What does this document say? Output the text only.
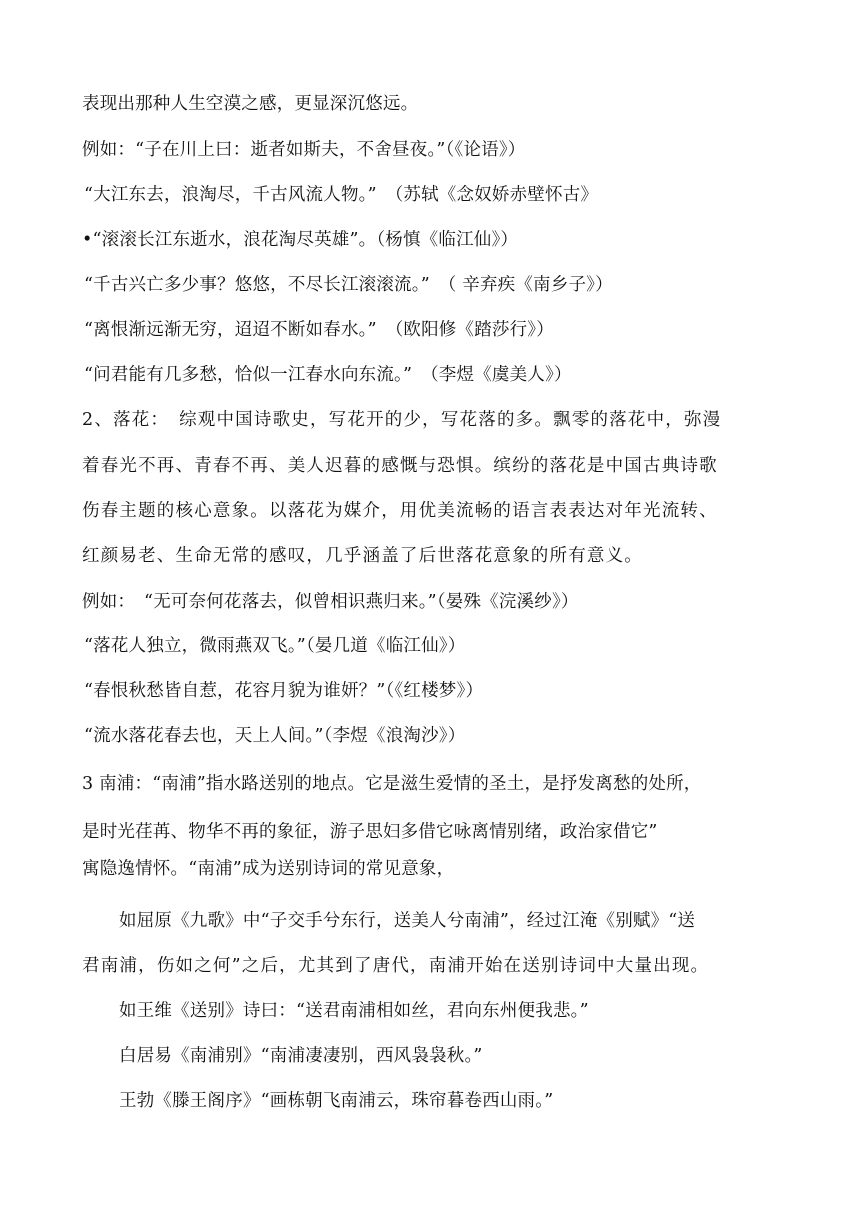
表现出那种人生空漠之感，更显深沉悠远。
例如：“子在川上曰：逝者如斯夫，不舍昼夜。”（《论语》）
“大江东去，浪淘尽，千古风流人物。”　（苏轼《念奴娇赤壁怀古》
•“滚滚长江东逝水，浪花淘尽英雄”。（杨慎《临江仙》）
“千古兴亡多少事？悠悠，不尽长江滚滚流。”　（ 辛弃疾《南乡子》）
“离恨渐远渐无穷，迢迢不断如春水。”　（欧阳修《踏莎行》）
“问君能有几多愁，恰似一江春水向东流。”　（李煜《虞美人》）
2、落花：　综观中国诗歌史，写花开的少，写花落的多。飘零的落花中，弥漫
着春光不再、青春不再、美人迟暮的感慨与恐惧。缤纷的落花是中国古典诗歌
伤春主题的核心意象。以落花为媒介，用优美流畅的语言表表达对年光流转、
红颜易老、生命无常的感叹，几乎涵盖了后世落花意象的所有意义。
例如：　“无可奈何花落去，似曾相识燕归来。”（晏殊《浣溪纱》）
“落花人独立，微雨燕双飞。”（晏几道《临江仙》）
“春恨秋愁皆自惹，花容月貌为谁妍？”（《红楼梦》）
“流水落花春去也，天上人间。”（李煜《浪淘沙》）
3 南浦：“南浦”指水路送别的地点。它是滋生爱情的圣土，是抒发离愁的处所，
是时光荏苒、物华不再的象征，游子思妇多借它咏离情别绪，政治家借它”
寓隐逸情怀。“南浦”成为送别诗词的常见意象，
如屈原《九歌》中“子交手兮东行，送美人兮南浦”，经过江淹《别赋》“送
君南浦，伤如之何”之后，尤其到了唐代，南浦开始在送别诗词中大量出现。
如王维《送别》诗曰：“送君南浦相如丝，君向东州便我悲。”
白居易《南浦别》“南浦凄凄别，西风袅袅秋。”
王勃《滕王阁序》“画栋朝飞南浦云，珠帘暮卷西山雨。”
